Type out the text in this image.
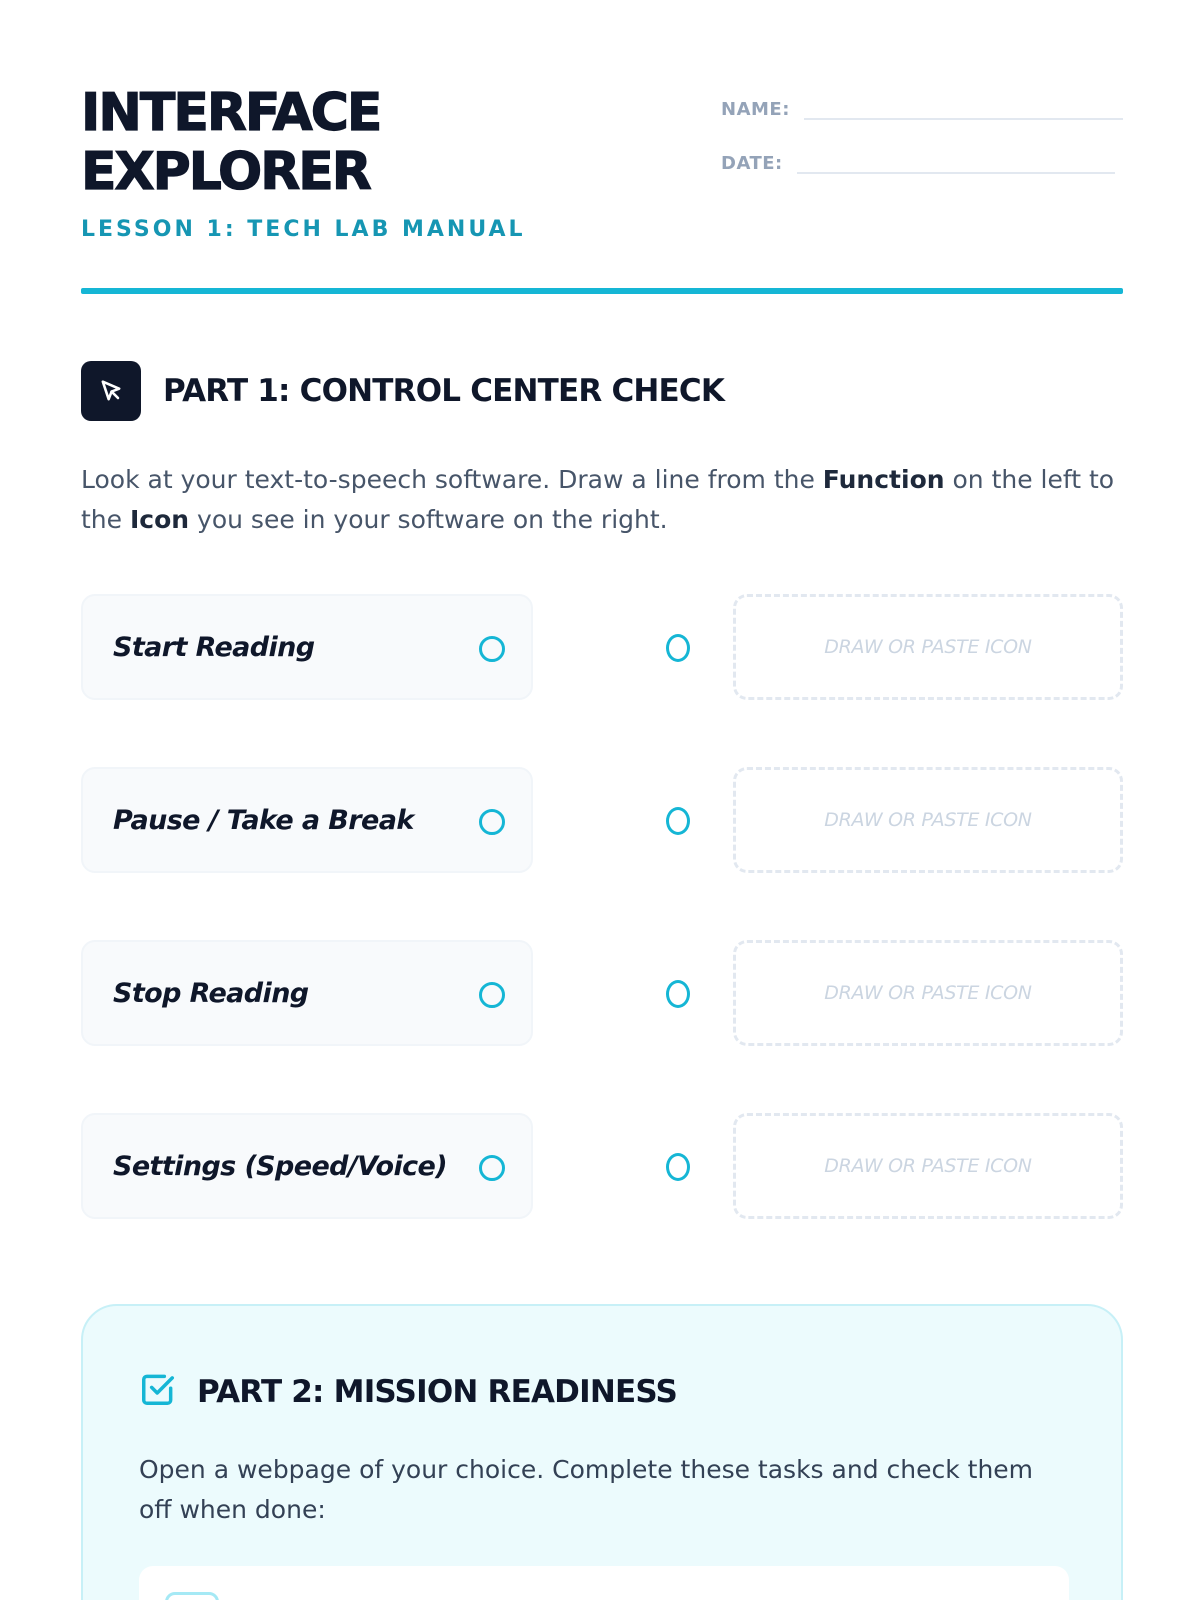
INTERFACE
EXPLORER
LESSON 1: TECH LAB MANUAL
NAME:
DATE:
PART 1: CONTROL CENTER CHECK

Look at your text-to-speech software. Draw a line from the Function on the left to the Icon you see in your software on the right.

Start Reading	DRAW OR PASTE ICON
Pause / Take a Break	DRAW OR PASTE ICON
Stop Reading	DRAW OR PASTE ICON
Settings (Speed/Voice)	DRAW OR PASTE ICON
PART 2: MISSION READINESS

Open a webpage of your choice. Complete these tasks and check them off when done:
